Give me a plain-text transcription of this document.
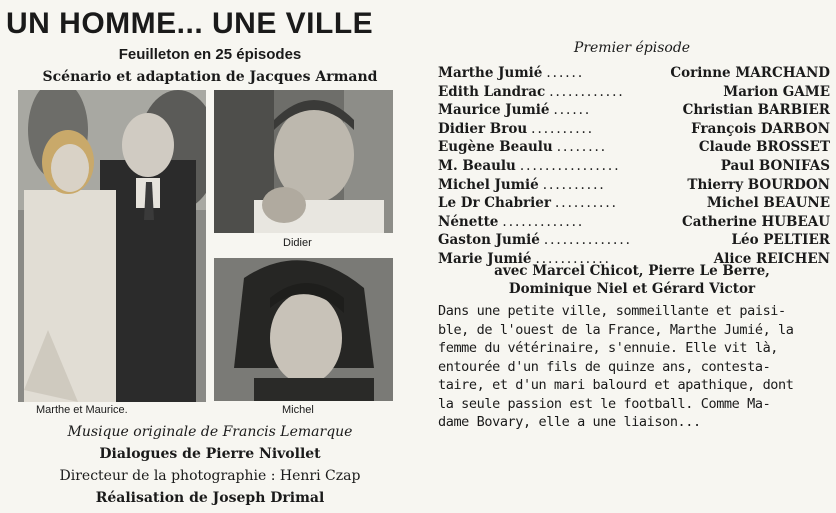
UN HOMME... UNE VILLE
Feuilleton en 25 épisodes
Scénario et adaptation de Jacques Armand
Marthe et Maurice.
Didier
Michel
Musique originale de Francis Lemarque
Dialogues de Pierre Nivollet
Directeur de la photographie : Henri Czap
Réalisation de Joseph Drimal
Premier épisode
Marthe Jumié ......	Corinne MARCHAND
Edith Landrac ............	Marion GAME
Maurice Jumié ......	Christian BARBIER
Didier Brou ..........	François DARBON
Eugène Beaulu ........	Claude BROSSET
M. Beaulu ................	Paul BONIFAS
Michel Jumié ..........	Thierry BOURDON
Le Dr Chabrier ..........	Michel BEAUNE
Nénette .............	Catherine HUBEAU
Gaston Jumié ..............	Léo PELTIER
Marie Jumié ............	Alice REICHEN
avec Marcel Chicot, Pierre Le Berre,
Dominique Niel et Gérard Victor
Dans une petite ville, sommeillante et paisi-
ble, de l'ouest de la France, Marthe Jumié, la
femme du vétérinaire, s'ennuie. Elle vit là,
entourée d'un fils de quinze ans, contesta-
taire, et d'un mari balourd et apathique, dont
la seule passion est le football. Comme Ma-
dame Bovary, elle a une liaison...
